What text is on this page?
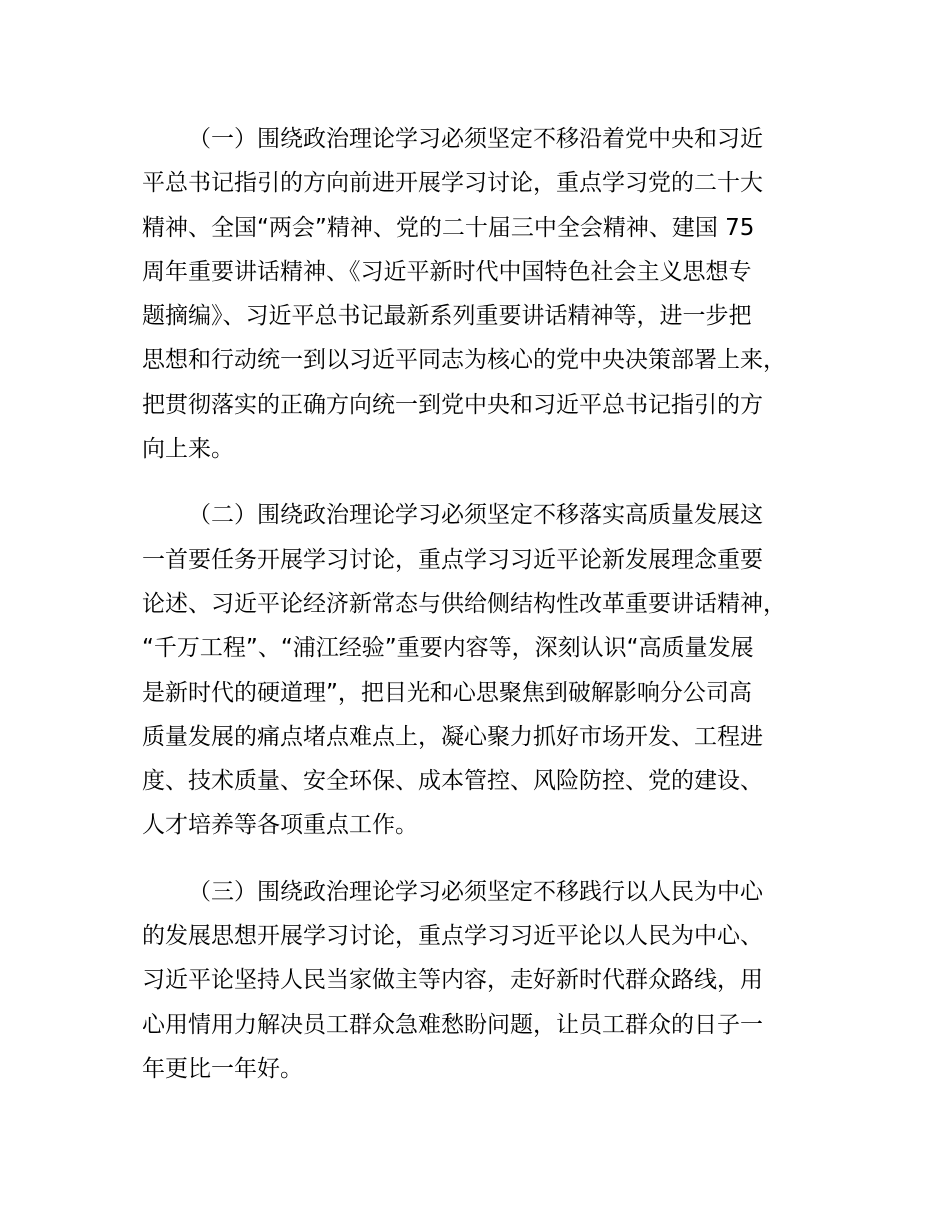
（一）围绕政治理论学习必须坚定不移沿着党中央和习近
平总书记指引的方向前进开展学习讨论，重点学习党的二十大
精神、全国“两会”精神、党的二十届三中全会精神、建国 75
周年重要讲话精神、《习近平新时代中国特色社会主义思想专
题摘编》、习近平总书记最新系列重要讲话精神等，进一步把
思想和行动统一到以习近平同志为核心的党中央决策部署上来，
把贯彻落实的正确方向统一到党中央和习近平总书记指引的方
向上来。

（二）围绕政治理论学习必须坚定不移落实高质量发展这
一首要任务开展学习讨论，重点学习习近平论新发展理念重要
论述、习近平论经济新常态与供给侧结构性改革重要讲话精神，
“千万工程”、“浦江经验”重要内容等，深刻认识“高质量发展
是新时代的硬道理”，把目光和心思聚焦到破解影响分公司高
质量发展的痛点堵点难点上，凝心聚力抓好市场开发、工程进
度、技术质量、安全环保、成本管控、风险防控、党的建设、
人才培养等各项重点工作。

（三）围绕政治理论学习必须坚定不移践行以人民为中心
的发展思想开展学习讨论，重点学习习近平论以人民为中心、
习近平论坚持人民当家做主等内容，走好新时代群众路线，用
心用情用力解决员工群众急难愁盼问题，让员工群众的日子一
年更比一年好。
